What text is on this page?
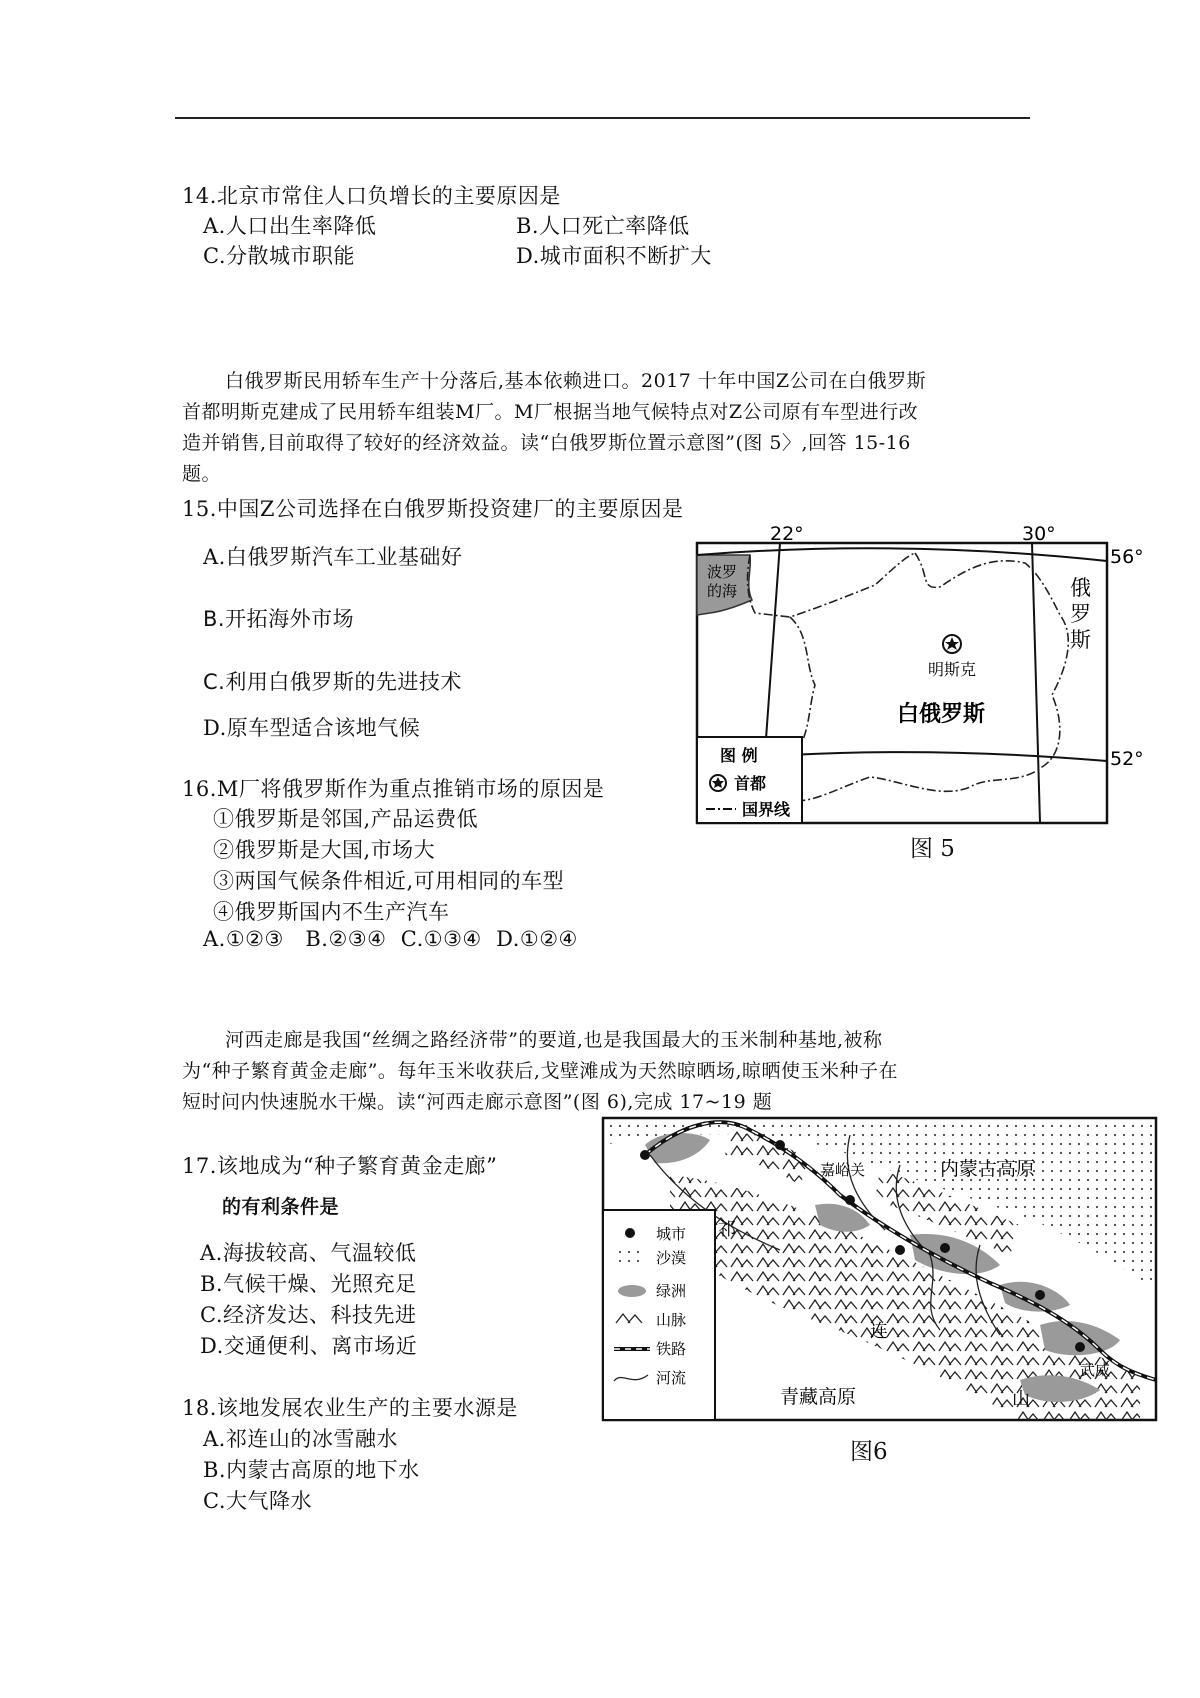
14.北京市常住人口负增长的主要原因是
A.人口出生率降低	B.人口死亡率降低
C.分散城市职能	D.城市面积不断扩大
白俄罗斯民用轿车生产十分落后,基本依赖进口。2017 十年中国Z公司在白俄罗斯
首都明斯克建成了民用轿车组装M厂。M厂根据当地气候特点对Z公司原有车型进行改
造并销售,目前取得了较好的经济效益。读“白俄罗斯位置示意图”(图 5〉,回答 15-16
题。
15.中国Z公司选择在白俄罗斯投资建厂的主要原因是
A.白俄罗斯汽车工业基础好
B.开拓海外市场
C.利用白俄罗斯的先进技术
D.原车型适合该地气候
16.M厂将俄罗斯作为重点推销市场的原因是
①俄罗斯是邻国,产品运费低
②俄罗斯是大国,市场大
③两国气候条件相近,可用相同的车型
④俄罗斯国内不生产汽车
A.①②③   B.②③④  C.①③④  D.①②④
河西走廊是我国“丝绸之路经济带”的要道,也是我国最大的玉米制种基地,被称
为“种子繁育黄金走廊”。每年玉米收获后,戈壁滩成为天然晾晒场,晾晒使玉米种子在
短时问内快速脱水干燥。读“河西走廊示意图”(图 6),完成 17~19 题
17.该地成为“种子繁育黄金走廊”
的有利条件是
A.海拔较高、气温较低
B.气候干燥、光照充足
C.经济发达、科技先进
D.交通便利、离市场近
18.该地发展农业生产的主要水源是
A.祁连山的冰雪融水
B.内蒙古高原的地下水
C.大气降水
22°	30°
56°
52°
波罗
的海	俄
罗
斯
明斯克
白俄罗斯
图 例
首都
国界线
图 5
城市
沙漠
绿洲
山脉
铁路
河流
内蒙古高原
青藏高原
嘉峪关
武威
祁
连
山
图6
